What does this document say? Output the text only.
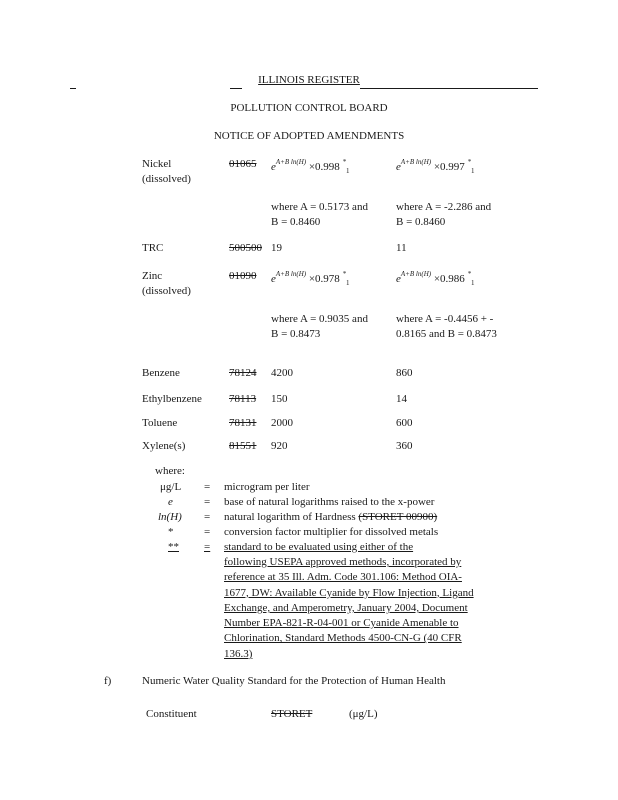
ILLINOIS REGISTER
POLLUTION CONTROL BOARD
NOTICE OF ADOPTED AMENDMENTS
Nickel
(dissolved)
01065 $e^{A+B ln(H)} \times 0.998$ *$_1$	$e^{A+B ln(H)} \times 0.997$ *$_1$
where A = 0.5173 and
B = 0.8460
where A = -2.286 and
B = 0.8460
TRC	500500 19	11
Zinc
(dissolved)
01090 $e^{A+B ln(H)} \times 0.978$ *$_1$	$e^{A+B ln(H)} \times 0.986$ *$_1$
where A = 0.9035 and
B = 0.8473
where A = -0.4456 + -
0.8165 and B = 0.8473
Benzene	78124 4200	860
Ethylbenzene 78113 150	14
Toluene	78131 2000	600
Xylene(s)	81551 920	360
where:
μg/L	= microgram per liter
e	= base of natural logarithms raised to the x-power
ln(H)	= natural logarithm of Hardness (STORET 00900)
*	= conversion factor multiplier for dissolved metals
**	= standard to be evaluated using either of the
following USEPA approved methods, incorporated by reference at 35 Ill. Adm. Code 301.106: Method OIA-1677, DW: Available Cyanide by Flow Injection, Ligand Exchange, and Amperometry, January 2004, Document Number EPA-821-R-04-001 or Cyanide Amenable to Chlorination, Standard Methods 4500-CN-G (40 CFR 136.3)
f)	Numeric Water Quality Standard for the Protection of Human Health
Constituent	STORET	(μg/L)
